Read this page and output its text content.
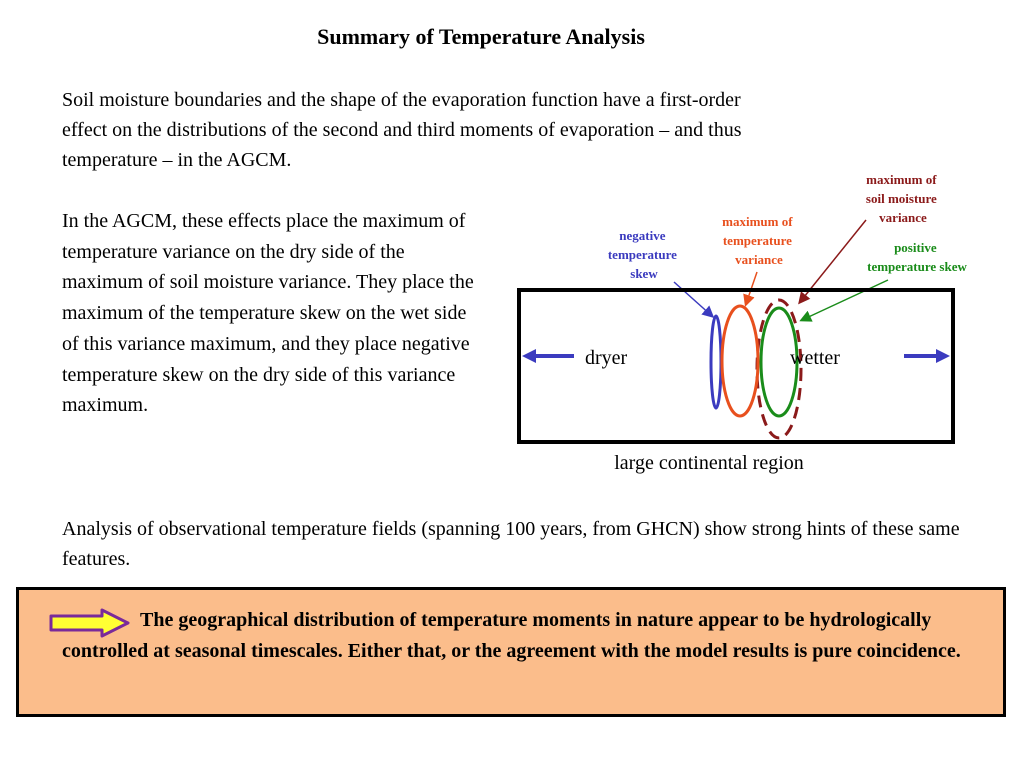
Summary of Temperature Analysis

Soil moisture boundaries and the shape of the evaporation function have a first-order effect on the distributions of the second and third moments of evaporation – and thus temperature – in the AGCM.

In the AGCM, these effects place the maximum of temperature variance on the dry side of the maximum of soil moisture variance. They place the maximum of the temperature skew on the wet side of this variance maximum, and they place negative temperature skew on the dry side of this variance maximum.

negative temperature skew
maximum of temperature variance
maximum of soil moisture variance
positive temperature skew
dryer	wetter
large continental region

Analysis of observational temperature fields (spanning 100 years, from GHCN) show strong hints of these same features.

The geographical distribution of temperature moments in nature appear to be hydrologically controlled at seasonal timescales. Either that, or the agreement with the model results is pure coincidence.
